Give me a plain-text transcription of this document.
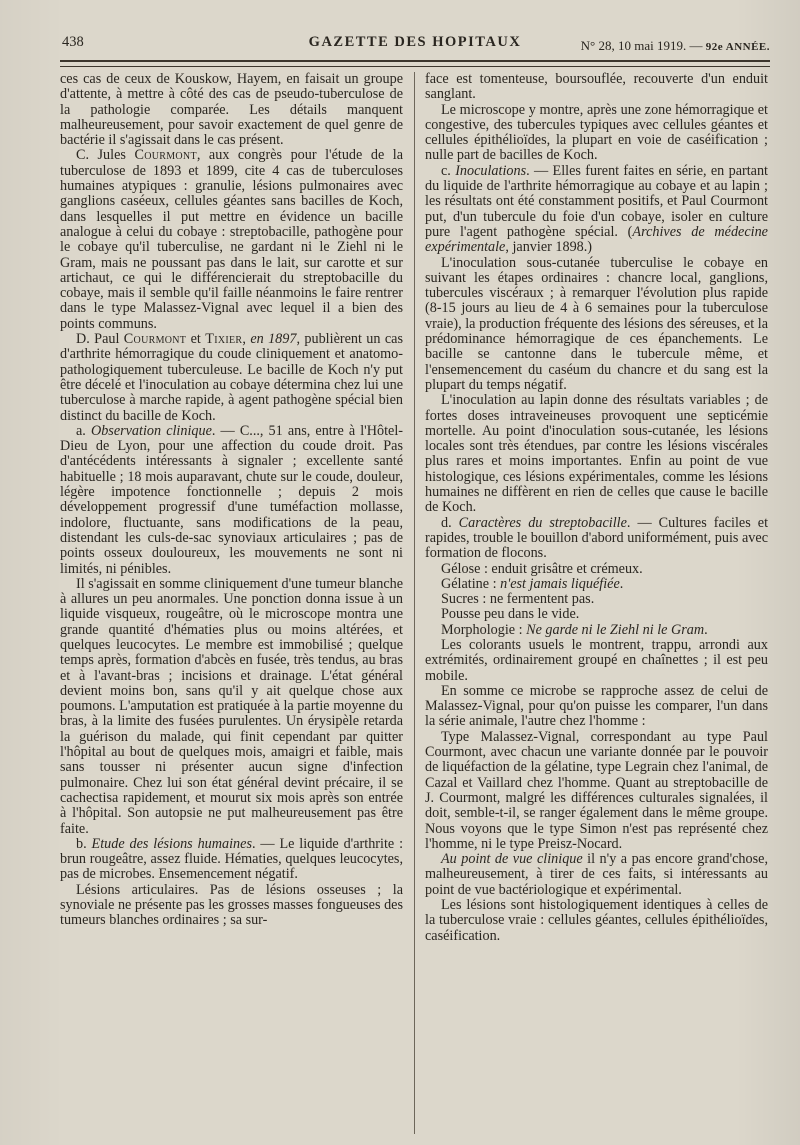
438	GAZETTE DES HOPITAUX	N° 28, 10 mai 1919. — 92e ANNÉE.

ces cas de ceux de Kouskow, Hayem, en faisait un groupe d'attente, à mettre à côté des cas de pseudo-tuberculose de la pathologie comparée. Les détails manquent malheureusement, pour savoir exactement de quel genre de bactérie il s'agissait dans le cas présent.

C. Jules Courmont, aux congrès pour l'étude de la tuberculose de 1893 et 1899, cite 4 cas de tuberculoses humaines atypiques : granulie, lésions pulmonaires avec ganglions caséeux, cellules géantes sans bacilles de Koch, dans lesquelles il put mettre en évidence un bacille analogue à celui du cobaye : streptobacille, pathogène pour le cobaye qu'il tuberculise, ne gardant ni le Ziehl ni le Gram, mais ne poussant pas dans le lait, sur carotte et sur artichaut, ce qui le différencierait du streptobacille du cobaye, mais il semble qu'il faille néanmoins le faire rentrer dans le type Malassez-Vignal avec lequel il a bien des points communs.

D. Paul Courmont et Tixier, en 1897, publièrent un cas d'arthrite hémorragique du coude cliniquement et anatomo-pathologiquement tuberculeuse. Le bacille de Koch n'y put être décelé et l'inoculation au cobaye détermina chez lui une tuberculose à marche rapide, à agent pathogène spécial bien distinct du bacille de Koch.

a. Observation clinique. — C..., 51 ans, entre à l'Hôtel-Dieu de Lyon, pour une affection du coude droit. Pas d'antécédents intéressants à signaler ; excellente santé habituelle ; 18 mois auparavant, chute sur le coude, douleur, légère impotence fonctionnelle ; depuis 2 mois développement progressif d'une tuméfaction mollasse, indolore, fluctuante, sans modifications de la peau, distendant les culs-de-sac synoviaux articulaires ; pas de points osseux douloureux, les mouvements ne sont ni limités, ni pénibles.

Il s'agissait en somme cliniquement d'une tumeur blanche à allures un peu anormales. Une ponction donna issue à un liquide visqueux, rougeâtre, où le microscope montra une grande quantité d'hématies plus ou moins altérées, et quelques leucocytes. Le membre est immobilisé ; quelque temps après, formation d'abcès en fusée, très tendus, au bras et à l'avant-bras ; incisions et drainage. L'état général devient moins bon, sans qu'il y ait quelque chose aux poumons. L'amputation est pratiquée à la partie moyenne du bras, à la limite des fusées purulentes. Un érysipèle retarda la guérison du malade, qui finit cependant par quitter l'hôpital au bout de quelques mois, amaigri et faible, mais sans tousser ni présenter aucun signe d'infection pulmonaire. Chez lui son état général devint précaire, il se cachectisa rapidement, et mourut six mois après son entrée à l'hôpital. Son autopsie ne put malheureusement pas être faite.

b. Etude des lésions humaines. — Le liquide d'arthrite : brun rougeâtre, assez fluide. Hématies, quelques leucocytes, pas de microbes. Ensemencement négatif.

Lésions articulaires. Pas de lésions osseuses ; la synoviale ne présente pas les grosses masses fongueuses des tumeurs blanches ordinaires ; sa sur-

face est tomenteuse, boursouflée, recouverte d'un enduit sanglant.

Le microscope y montre, après une zone hémorragique et congestive, des tubercules typiques avec cellules géantes et cellules épithélioïdes, la plupart en voie de caséification ; nulle part de bacilles de Koch.

c. Inoculations. — Elles furent faites en série, en partant du liquide de l'arthrite hémorragique au cobaye et au lapin ; les résultats ont été constamment positifs, et Paul Courmont put, d'un tubercule du foie d'un cobaye, isoler en culture pure l'agent pathogène spécial. (Archives de médecine expérimentale, janvier 1898.)

L'inoculation sous-cutanée tuberculise le cobaye en suivant les étapes ordinaires : chancre local, ganglions, tubercules viscéraux ; à remarquer l'évolution plus rapide (8-15 jours au lieu de 4 à 6 semaines pour la tuberculose vraie), la production fréquente des lésions des séreuses, et la prédominance hémorragique de ces épanchements. Le bacille se cantonne dans le tubercule même, et l'ensemencement du caséum du chancre et du sang est la plupart du temps négatif.

L'inoculation au lapin donne des résultats variables ; de fortes doses intraveineuses provoquent une septicémie mortelle. Au point d'inoculation sous-cutanée, les lésions locales sont très étendues, par contre les lésions viscérales plus rares et moins importantes. Enfin au point de vue histologique, ces lésions expérimentales, comme les lésions humaines ne diffèrent en rien de celles que cause le bacille de Koch.

d. Caractères du streptobacille. — Cultures faciles et rapides, trouble le bouillon d'abord uniformément, puis avec formation de flocons.

Gélose : enduit grisâtre et crémeux.

Gélatine : n'est jamais liquéfiée.

Sucres : ne fermentent pas.

Pousse peu dans le vide.

Morphologie : Ne garde ni le Ziehl ni le Gram.

Les colorants usuels le montrent, trappu, arrondi aux extrémités, ordinairement groupé en chaînettes ; il est peu mobile.

En somme ce microbe se rapproche assez de celui de Malassez-Vignal, pour qu'on puisse les comparer, l'un dans la série animale, l'autre chez l'homme :

Type Malassez-Vignal, correspondant au type Paul Courmont, avec chacun une variante donnée par le pouvoir de liquéfaction de la gélatine, type Legrain chez l'animal, de Cazal et Vaillard chez l'homme. Quant au streptobacille de J. Courmont, malgré les différences culturales signalées, il doit, semble-t-il, se ranger également dans le même groupe. Nous voyons que le type Simon n'est pas représenté chez l'homme, ni le type Preisz-Nocard.

Au point de vue clinique il n'y a pas encore grand'chose, malheureusement, à tirer de ces faits, si intéressants au point de vue bactériologique et expérimental.

Les lésions sont histologiquement identiques à celles de la tuberculose vraie : cellules géantes, cellules épithélioïdes, caséification.
